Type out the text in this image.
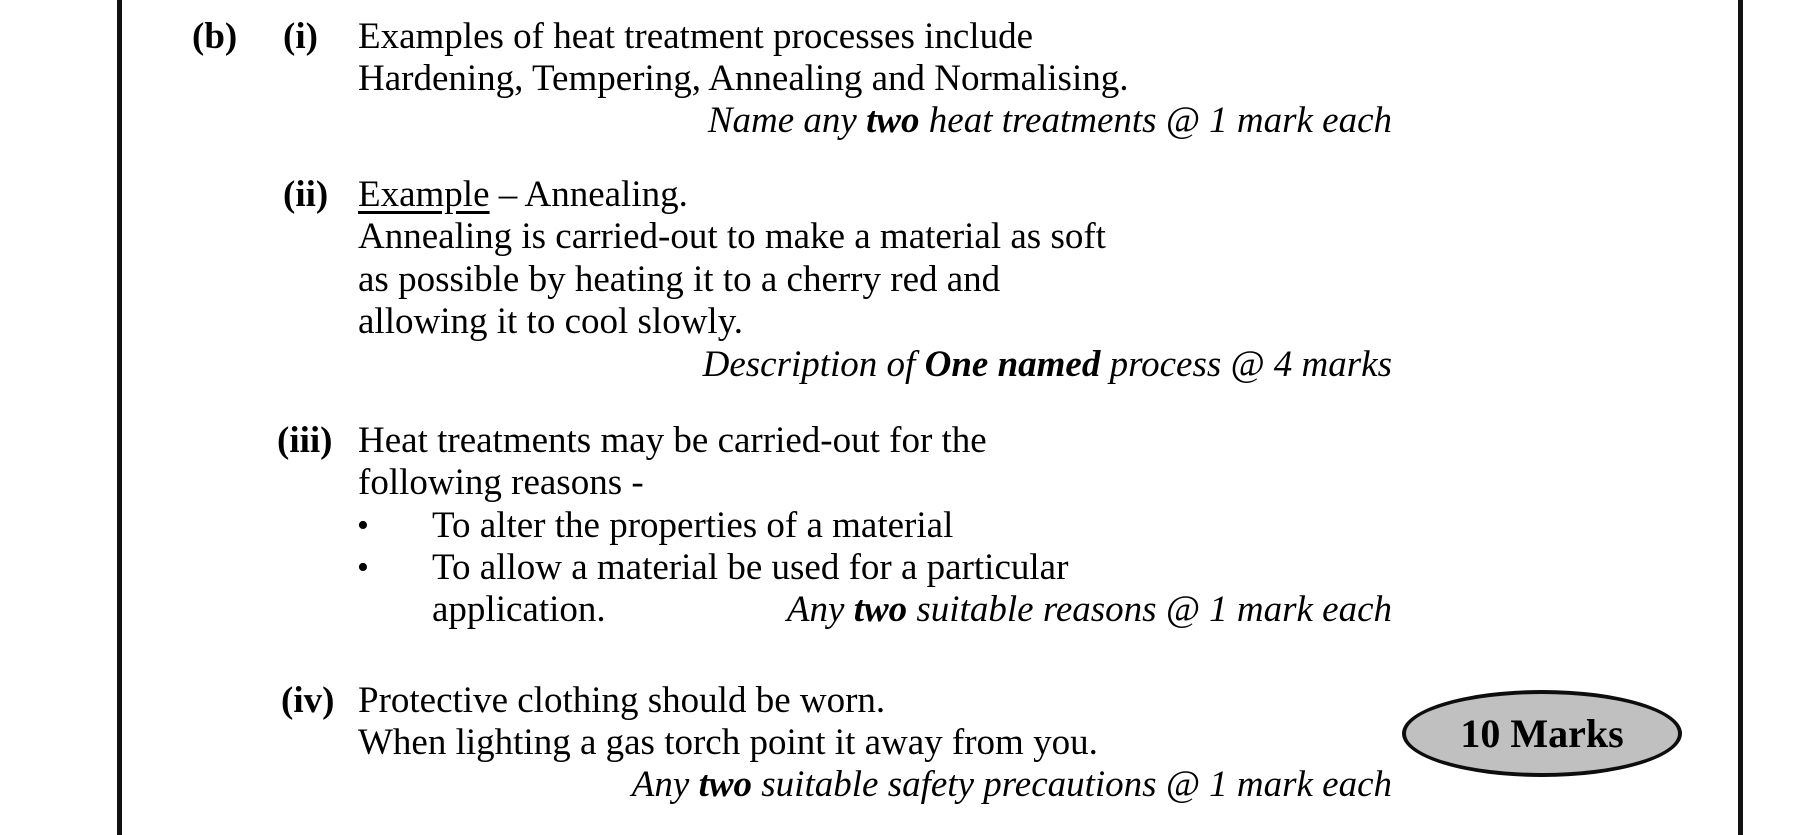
(b) (i) Examples of heat treatment processes include
Hardening, Tempering, Annealing and Normalising.
Name any two heat treatments @ 1 mark each
(ii) Example – Annealing.
Annealing is carried-out to make a material as soft
as possible by heating it to a cherry red and
allowing it to cool slowly.
Description of One named process @ 4 marks
(iii) Heat treatments may be carried-out for the
following reasons -
• To alter the properties of a material
• To allow a material be used for a particular
application.	Any two suitable reasons @ 1 mark each
(iv) Protective clothing should be worn.
When lighting a gas torch point it away from you.
Any two suitable safety precautions @ 1 mark each
10 Marks
